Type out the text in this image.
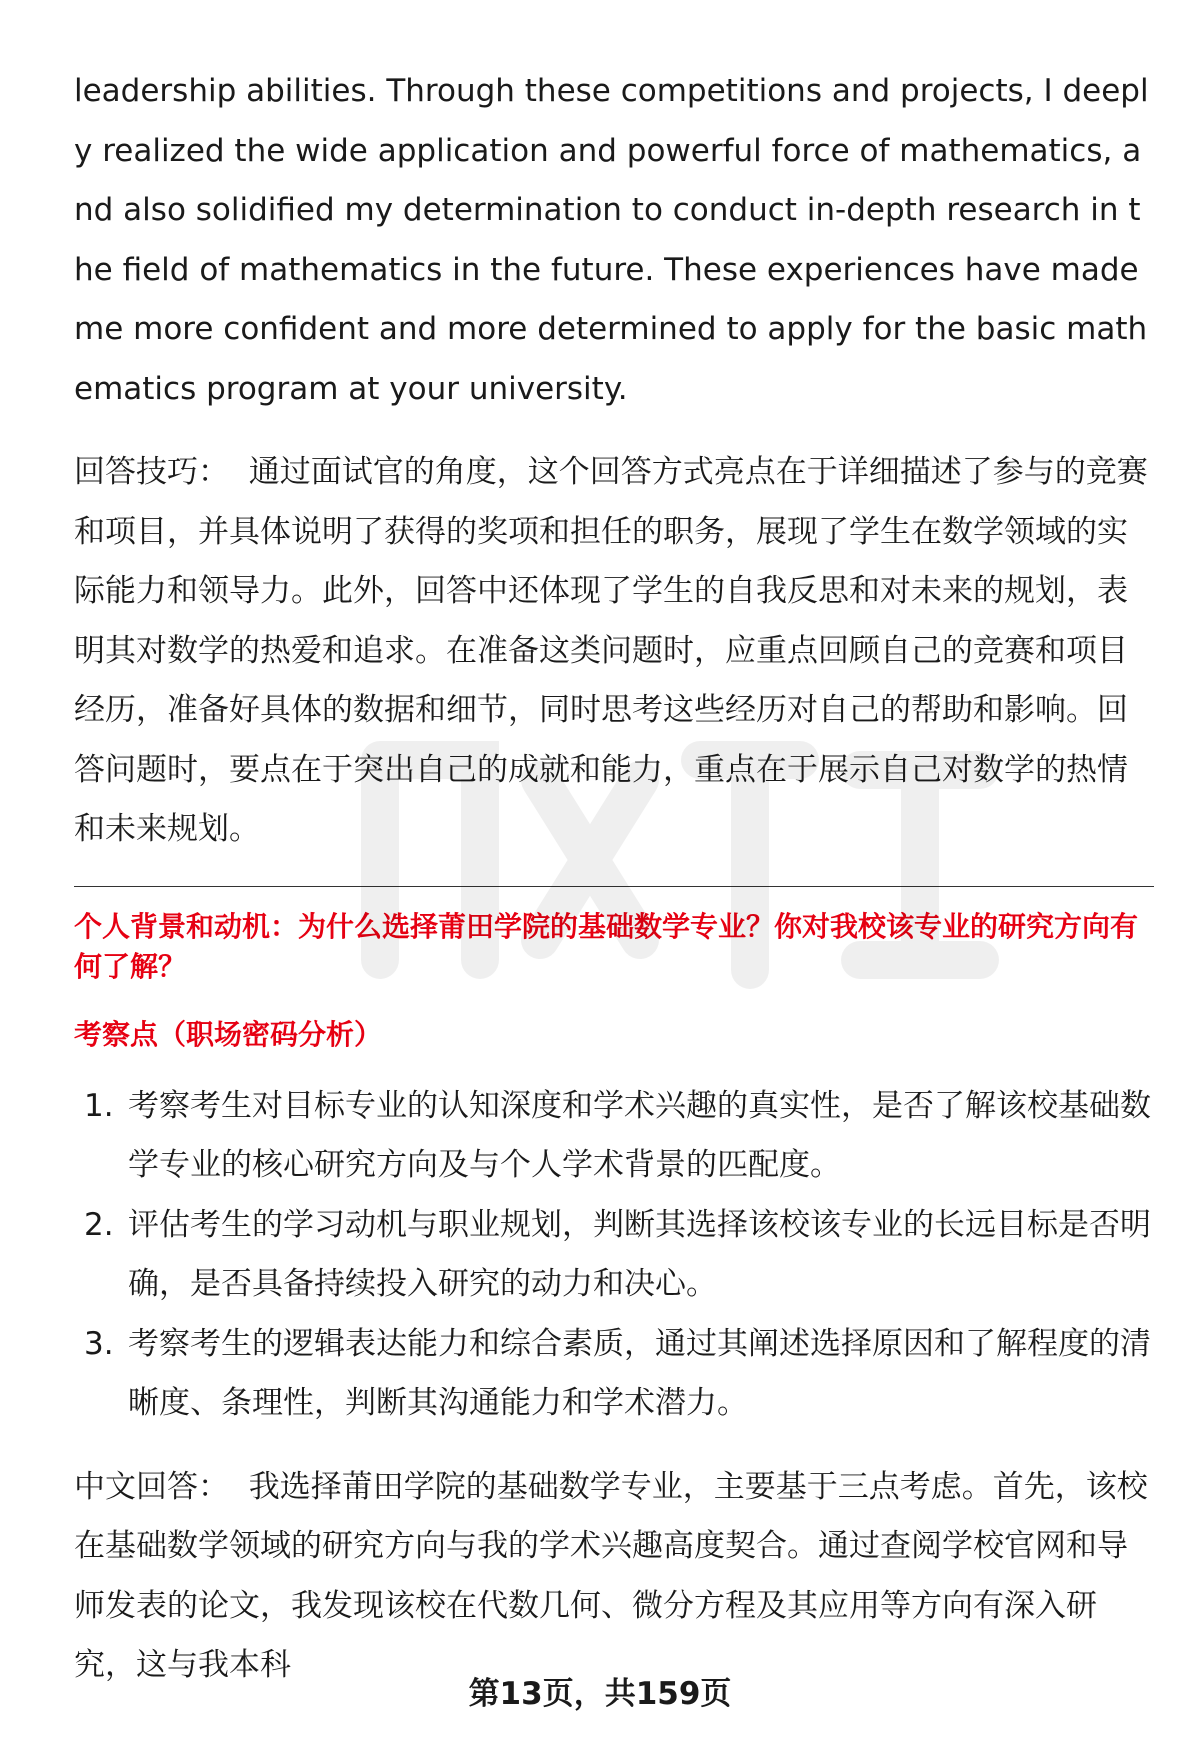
leadership abilities. Through these competitions and projects, I deeply realized the wide application and powerful force of mathematics, and also solidified my determination to conduct in-depth research in the field of mathematics in the future. These experiences have made me more confident and more determined to apply for the basic mathematics program at your university.

回答技巧： 通过面试官的角度，这个回答方式亮点在于详细描述了参与的竞赛和项目，并具体说明了获得的奖项和担任的职务，展现了学生在数学领域的实际能力和领导力。此外，回答中还体现了学生的自我反思和对未来的规划，表明其对数学的热爱和追求。在准备这类问题时，应重点回顾自己的竞赛和项目经历，准备好具体的数据和细节，同时思考这些经历对自己的帮助和影响。回答问题时，要点在于突出自己的成就和能力，重点在于展示自己对数学的热情和未来规划。

个人背景和动机：为什么选择莆田学院的基础数学专业？你对我校该专业的研究方向有何了解？
考察点（职场密码分析）
1. 考察考生对目标专业的认知深度和学术兴趣的真实性，是否了解该校基础数学专业的核心研究方向及与个人学术背景的匹配度。
2. 评估考生的学习动机与职业规划，判断其选择该校该专业的长远目标是否明确，是否具备持续投入研究的动力和决心。
3. 考察考生的逻辑表达能力和综合素质，通过其阐述选择原因和了解程度的清晰度、条理性，判断其沟通能力和学术潜力。

中文回答： 我选择莆田学院的基础数学专业，主要基于三点考虑。首先，该校在基础数学领域的研究方向与我的学术兴趣高度契合。通过查阅学校官网和导师发表的论文，我发现该校在代数几何、微分方程及其应用等方向有深入研究，这与我本科

第13页，共159页
